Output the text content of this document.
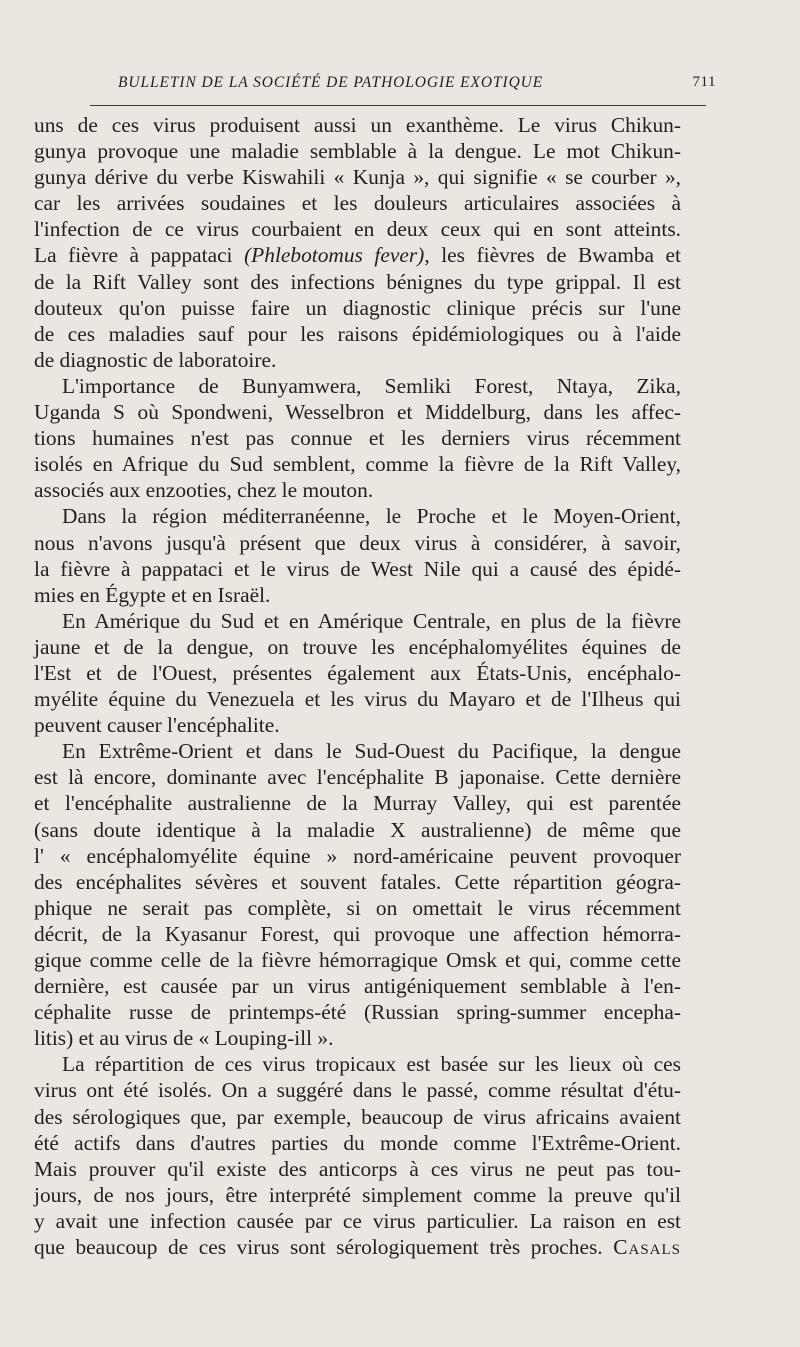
BULLETIN DE LA SOCIÉTÉ DE PATHOLOGIE EXOTIQUE	711
uns de ces virus produisent aussi un exanthème. Le virus Chikun-
gunya provoque une maladie semblable à la dengue. Le mot Chikun-
gunya dérive du verbe Kiswahili « Kunja », qui signifie « se courber »,
car les arrivées soudaines et les douleurs articulaires associées à
l'infection de ce virus courbaient en deux ceux qui en sont atteints.
La fièvre à pappataci (Phlebotomus fever), les fièvres de Bwamba et
de la Rift Valley sont des infections bénignes du type grippal. Il est
douteux qu'on puisse faire un diagnostic clinique précis sur l'une
de ces maladies sauf pour les raisons épidémiologiques ou à l'aide
de diagnostic de laboratoire.
L'importance de Bunyamwera, Semliki Forest, Ntaya, Zika,
Uganda S où Spondweni, Wesselbron et Middelburg, dans les affec-
tions humaines n'est pas connue et les derniers virus récemment
isolés en Afrique du Sud semblent, comme la fièvre de la Rift Valley,
associés aux enzooties, chez le mouton.
Dans la région méditerranéenne, le Proche et le Moyen-Orient,
nous n'avons jusqu'à présent que deux virus à considérer, à savoir,
la fièvre à pappataci et le virus de West Nile qui a causé des épidé-
mies en Égypte et en Israël.
En Amérique du Sud et en Amérique Centrale, en plus de la fièvre
jaune et de la dengue, on trouve les encéphalomyélites équines de
l'Est et de l'Ouest, présentes également aux États-Unis, encéphalo-
myélite équine du Venezuela et les virus du Mayaro et de l'Ilheus qui
peuvent causer l'encéphalite.
En Extrême-Orient et dans le Sud-Ouest du Pacifique, la dengue
est là encore, dominante avec l'encéphalite B japonaise. Cette dernière
et l'encéphalite australienne de la Murray Valley, qui est parentée
(sans doute identique à la maladie X australienne) de même que
l' « encéphalomyélite équine » nord-américaine peuvent provoquer
des encéphalites sévères et souvent fatales. Cette répartition géogra-
phique ne serait pas complète, si on omettait le virus récemment
décrit, de la Kyasanur Forest, qui provoque une affection hémorra-
gique comme celle de la fièvre hémorragique Omsk et qui, comme cette
dernière, est causée par un virus antigéniquement semblable à l'en-
céphalite russe de printemps-été (Russian spring-summer encepha-
litis) et au virus de « Louping-ill ».
La répartition de ces virus tropicaux est basée sur les lieux où ces
virus ont été isolés. On a suggéré dans le passé, comme résultat d'étu-
des sérologiques que, par exemple, beaucoup de virus africains avaient
été actifs dans d'autres parties du monde comme l'Extrême-Orient.
Mais prouver qu'il existe des anticorps à ces virus ne peut pas tou-
jours, de nos jours, être interprété simplement comme la preuve qu'il
y avait une infection causée par ce virus particulier. La raison en est
que beaucoup de ces virus sont sérologiquement très proches. Casals
